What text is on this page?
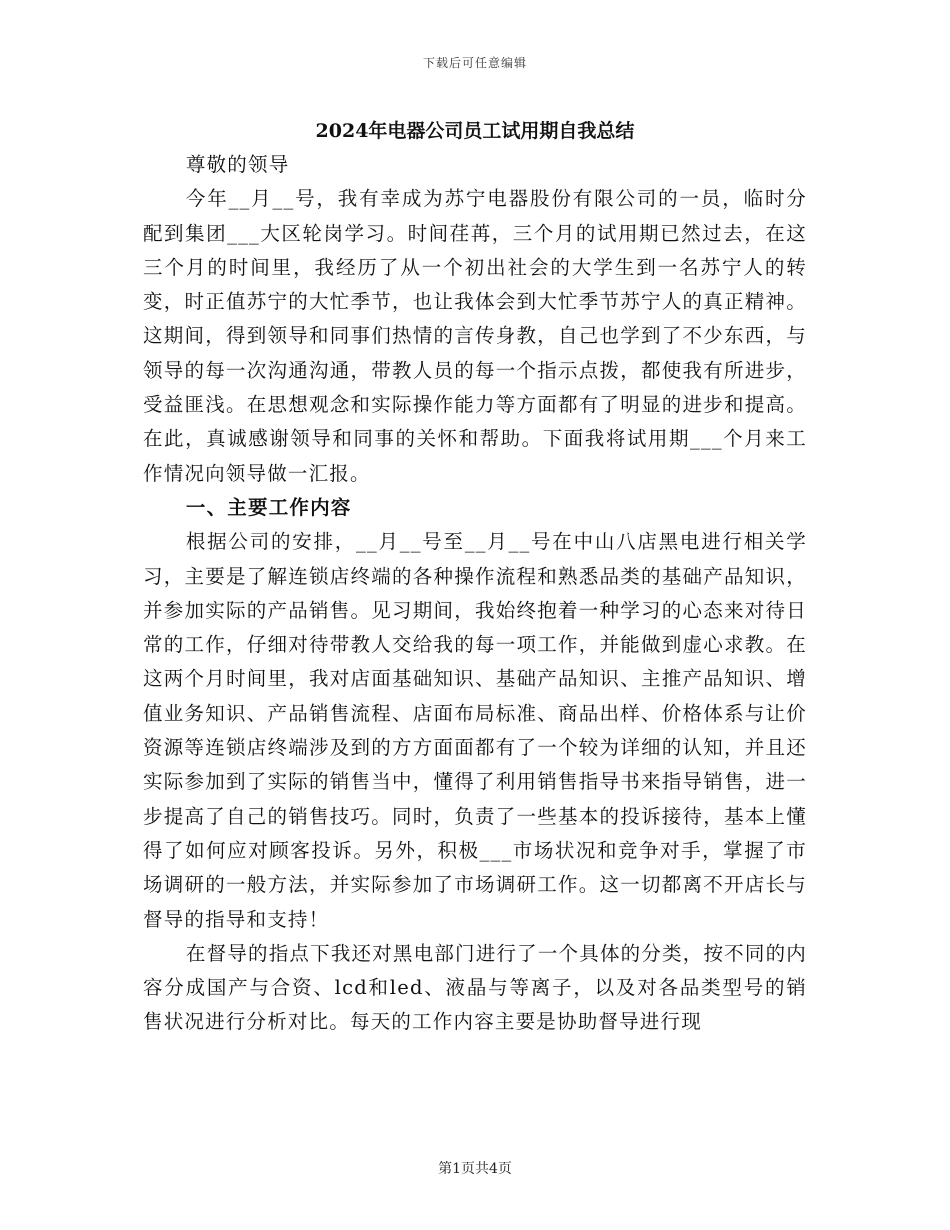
下载后可任意编辑
2024年电器公司员工试用期自我总结

尊敬的领导

今年__月__号，我有幸成为苏宁电器股份有限公司的一员，临时分配到集团___大区轮岗学习。时间荏苒，三个月的试用期已然过去，在这三个月的时间里，我经历了从一个初出社会的大学生到一名苏宁人的转变，时正值苏宁的大忙季节，也让我体会到大忙季节苏宁人的真正精神。这期间，得到领导和同事们热情的言传身教，自己也学到了不少东西，与领导的每一次沟通沟通，带教人员的每一个指示点拨，都使我有所进步，受益匪浅。在思想观念和实际操作能力等方面都有了明显的进步和提高。在此，真诚感谢领导和同事的关怀和帮助。下面我将试用期___个月来工作情况向领导做一汇报。

一、主要工作内容

根据公司的安排，__月__号至__月__号在中山八店黑电进行相关学习，主要是了解连锁店终端的各种操作流程和熟悉品类的基础产品知识，并参加实际的产品销售。见习期间，我始终抱着一种学习的心态来对待日常的工作，仔细对待带教人交给我的每一项工作，并能做到虚心求教。在这两个月时间里，我对店面基础知识、基础产品知识、主推产品知识、增值业务知识、产品销售流程、店面布局标准、商品出样、价格体系与让价资源等连锁店终端涉及到的方方面面都有了一个较为详细的认知，并且还实际参加到了实际的销售当中，懂得了利用销售指导书来指导销售，进一步提高了自己的销售技巧。同时，负责了一些基本的投诉接待，基本上懂得了如何应对顾客投诉。另外，积极___市场状况和竞争对手，掌握了市场调研的一般方法，并实际参加了市场调研工作。这一切都离不开店长与督导的指导和支持！

在督导的指点下我还对黑电部门进行了一个具体的分类，按不同的内容分成国产与合资、lcd和led、液晶与等离子，以及对各品类型号的销售状况进行分析对比。每天的工作内容主要是协助督导进行现

第1页共4页
